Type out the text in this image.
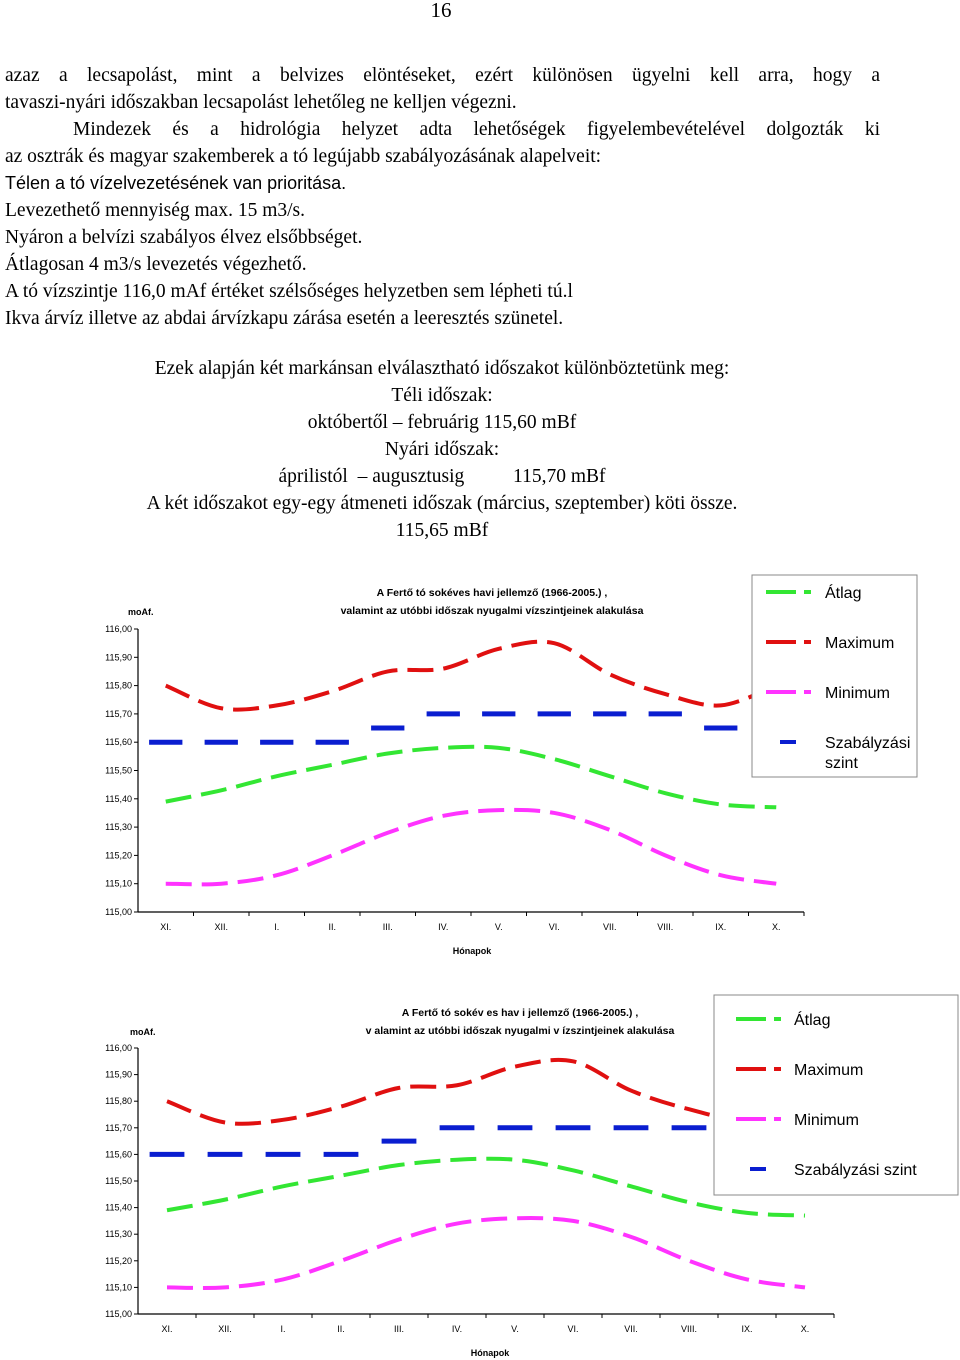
16
azaz a lecsapolást, mint a belvizes elöntéseket, ezért különösen ügyelni kell arra, hogy a
tavaszi-nyári időszakban lecsapolást lehetőleg ne kelljen végezni.
Mindezek és a hidrológia helyzet adta lehetőségek figyelembevételével dolgozták ki
az osztrák és magyar szakemberek a tó legújabb szabályozásának alapelveit:
Télen a tó vízelvezetésének van prioritása.
Levezethető mennyiség max. 15 m3/s.
Nyáron a belvízi szabályos élvez elsőbbséget.
Átlagosan 4 m3/s levezetés végezhető.
A tó vízszintje 116,0 mAf értéket szélsőséges helyzetben sem lépheti tú.l
Ikva árvíz illetve az abdai árvízkapu zárása esetén a leeresztés szünetel.
Ezek alapján két markánsan elválasztható időszakot különböztetünk meg:
Téli időszak:
októbertől – februárig 115,60 mBf
Nyári időszak:
áprilistól  – augusztusig          115,70 mBf
A két időszakot egy-egy átmeneti időszak (március, szeptember) köti össze.
115,65 mBf
A Fertő tó sokéves havi jellemző (1966-2005.) ,
valamint az utóbbi időszak nyugalmi vízszintjeinek alakulása
moAf.
115,00
115,10
115,20
115,30
115,40
115,50
115,60
115,70
115,80
115,90
116,00
XI.	XII.	I.	II.	III.	IV.	V.	VI.	VII.	VIII.	IX.	X.
Hónapok
Átlag
Maximum
Minimum
Szabályzási
szint
A Fertő tó sokév es hav i jellemző (1966-2005.) ,
v alamint az utóbbi időszak nyugalmi v ízszintjeinek alakulása
moAf.
115,00
115,10
115,20
115,30
115,40
115,50
115,60
115,70
115,80
115,90
116,00
XI.	XII.	I.	II.	III.	IV.	V.	VI.	VII.	VIII.	IX.	X.
Hónapok
Átlag
Maximum
Minimum
Szabályzási szint
